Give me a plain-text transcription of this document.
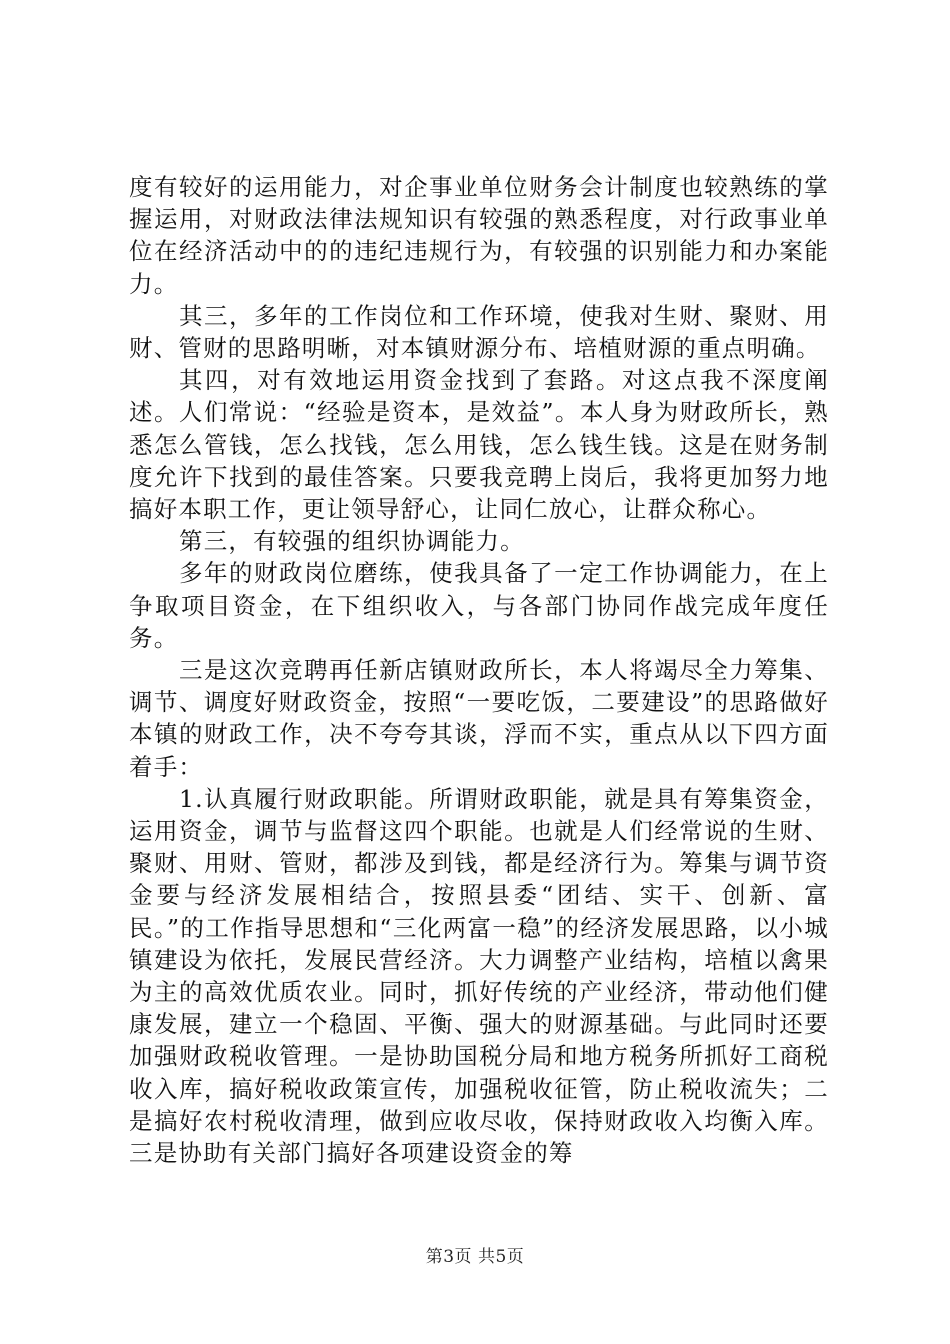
度有较好的运用能力，对企事业单位财务会计制度也较熟练的掌握运用，对财政法律法规知识有较强的熟悉程度，对行政事业单位在经济活动中的的违纪违规行为，有较强的识别能力和办案能力。

其三，多年的工作岗位和工作环境，使我对生财、聚财、用财、管财的思路明晰，对本镇财源分布、培植财源的重点明确。

其四，对有效地运用资金找到了套路。对这点我不深度阐述。人们常说：“经验是资本，是效益”。本人身为财政所长，熟悉怎么管钱，怎么找钱，怎么用钱，怎么钱生钱。这是在财务制度允许下找到的最佳答案。只要我竞聘上岗后，我将更加努力地搞好本职工作，更让领导舒心，让同仁放心，让群众称心。

第三，有较强的组织协调能力。

多年的财政岗位磨练，使我具备了一定工作协调能力，在上争取项目资金，在下组织收入，与各部门协同作战完成年度任务。

三是这次竞聘再任新店镇财政所长，本人将竭尽全力筹集、调节、调度好财政资金，按照“一要吃饭，二要建设”的思路做好本镇的财政工作，决不夸夸其谈，浮而不实，重点从以下四方面着手：

1.认真履行财政职能。所谓财政职能，就是具有筹集资金，运用资金，调节与监督这四个职能。也就是人们经常说的生财、聚财、用财、管财，都涉及到钱，都是经济行为。筹集与调节资金要与经济发展相结合，按照县委“团结、实干、创新、富民。”的工作指导思想和“三化两富一稳”的经济发展思路，以小城镇建设为依托，发展民营经济。大力调整产业结构，培植以禽果为主的高效优质农业。同时，抓好传统的产业经济，带动他们健康发展，建立一个稳固、平衡、强大的财源基础。与此同时还要加强财政税收管理。一是协助国税分局和地方税务所抓好工商税收入库，搞好税收政策宣传，加强税收征管，防止税收流失；二是搞好农村税收清理，做到应收尽收，保持财政收入均衡入库。三是协助有关部门搞好各项建设资金的筹

第3页 共5页
